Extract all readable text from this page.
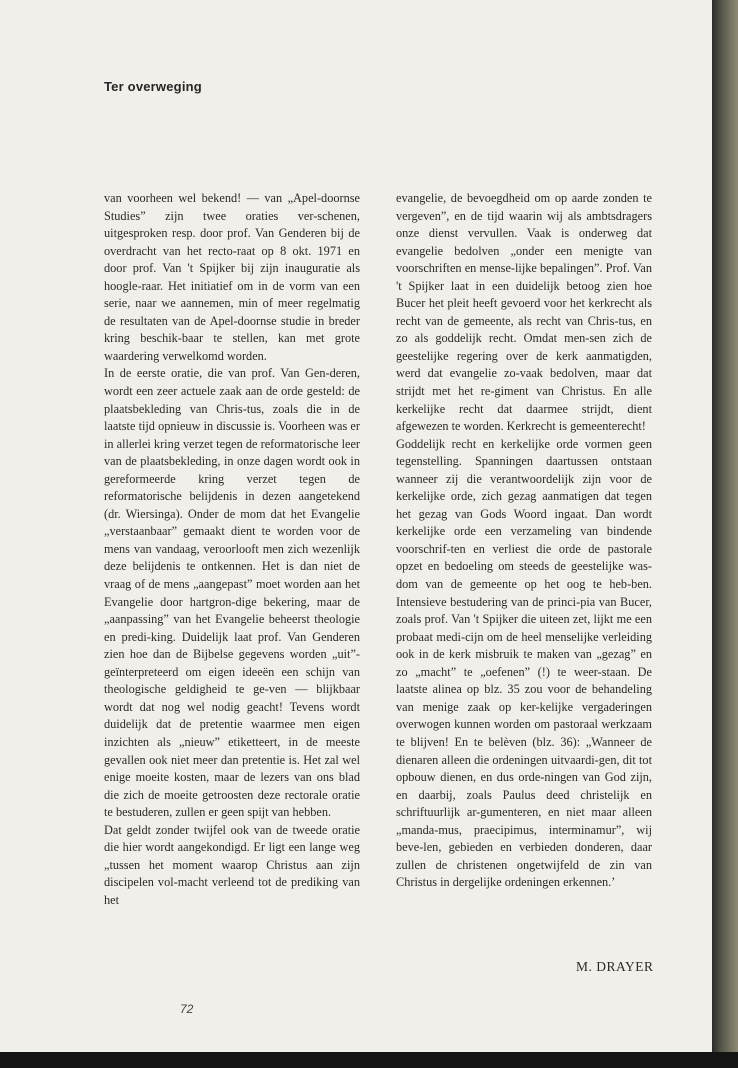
Ter overweging

van voorheen wel bekend! — van „Apel-doornse Studies” zijn twee oraties ver-schenen, uitgesproken resp. door prof. Van Genderen bij de overdracht van het recto-raat op 8 okt. 1971 en door prof. Van 't Spijker bij zijn inauguratie als hoogle-raar. Het initiatief om in de vorm van een serie, naar we aannemen, min of meer regelmatig de resultaten van de Apel-doornse studie in breder kring beschik-baar te stellen, kan met grote waardering verwelkomd worden.

In de eerste oratie, die van prof. Van Gen-deren, wordt een zeer actuele zaak aan de orde gesteld: de plaatsbekleding van Chris-tus, zoals die in de laatste tijd opnieuw in discussie is. Voorheen was er in allerlei kring verzet tegen de reformatorische leer van de plaatsbekleding, in onze dagen wordt ook in gereformeerde kring verzet tegen de reformatorische belijdenis in dezen aangetekend (dr. Wiersinga). Onder de mom dat het Evangelie „verstaanbaar” gemaakt dient te worden voor de mens van vandaag, veroorlooft men zich wezenlijk deze belijdenis te ontkennen. Het is dan niet de vraag of de mens „aangepast” moet worden aan het Evangelie door hartgron-dige bekering, maar de „aanpassing” van het Evangelie beheerst theologie en predi-king. Duidelijk laat prof. Van Genderen zien hoe dan de Bijbelse gegevens worden „uit”-geïnterpreteerd om eigen ideeën een schijn van theologische geldigheid te ge-ven — blijkbaar wordt dat nog wel nodig geacht! Tevens wordt duidelijk dat de pretentie waarmee men eigen inzichten als „nieuw” etiketteert, in de meeste gevallen ook niet meer dan pretentie is. Het zal wel enige moeite kosten, maar de lezers van ons blad die zich de moeite getroosten deze rectorale oratie te bestuderen, zullen er geen spijt van hebben.

Dat geldt zonder twijfel ook van de tweede oratie die hier wordt aangekondigd. Er ligt een lange weg „tussen het moment waarop Christus aan zijn discipelen vol-macht verleend tot de prediking van het

evangelie, de bevoegdheid om op aarde zonden te vergeven”, en de tijd waarin wij als ambtsdragers onze dienst vervullen. Vaak is onderweg dat evangelie bedolven „onder een menigte van voorschriften en mense-lijke bepalingen”. Prof. Van 't Spijker laat in een duidelijk betoog zien hoe Bucer het pleit heeft gevoerd voor het kerkrecht als recht van de gemeente, als recht van Chris-tus, en zo als goddelijk recht. Omdat men-sen zich de geestelijke regering over de kerk aanmatigden, werd dat evangelie zo-vaak bedolven, maar dat strijdt met het re-giment van Christus. En alle kerkelijke recht dat daarmee strijdt, dient afgewezen te worden. Kerkrecht is gemeenterecht!

Goddelijk recht en kerkelijke orde vormen geen tegenstelling. Spanningen daartussen ontstaan wanneer zij die verantwoordelijk zijn voor de kerkelijke orde, zich gezag aanmatigen dat tegen het gezag van Gods Woord ingaat. Dan wordt kerkelijke orde een verzameling van bindende voorschrif-ten en verliest die orde de pastorale opzet en bedoeling om steeds de geestelijke was-dom van de gemeente op het oog te heb-ben. Intensieve bestudering van de princi-pia van Bucer, zoals prof. Van 't Spijker die uiteen zet, lijkt me een probaat medi-cijn om de heel menselijke verleiding ook in de kerk misbruik te maken van „gezag” en zo „macht” te „oefenen” (!) te weer-staan. De laatste alinea op blz. 35 zou voor de behandeling van menige zaak op ker-kelijke vergaderingen overwogen kunnen worden om pastoraal werkzaam te blijven! En te belèven (blz. 36): „Wanneer de dienaren alleen die ordeningen uitvaardi-gen, dit tot opbouw dienen, en dus orde-ningen van God zijn, en daarbij, zoals Paulus deed christelijk en schriftuurlijk ar-gumenteren, en niet maar alleen „manda-mus, praecipimus, interminamur”, wij beve-len, gebieden en verbieden donderen, daar zullen de christenen ongetwijfeld de zin van Christus in dergelijke ordeningen erkennen.’

M. DRAYER
72
